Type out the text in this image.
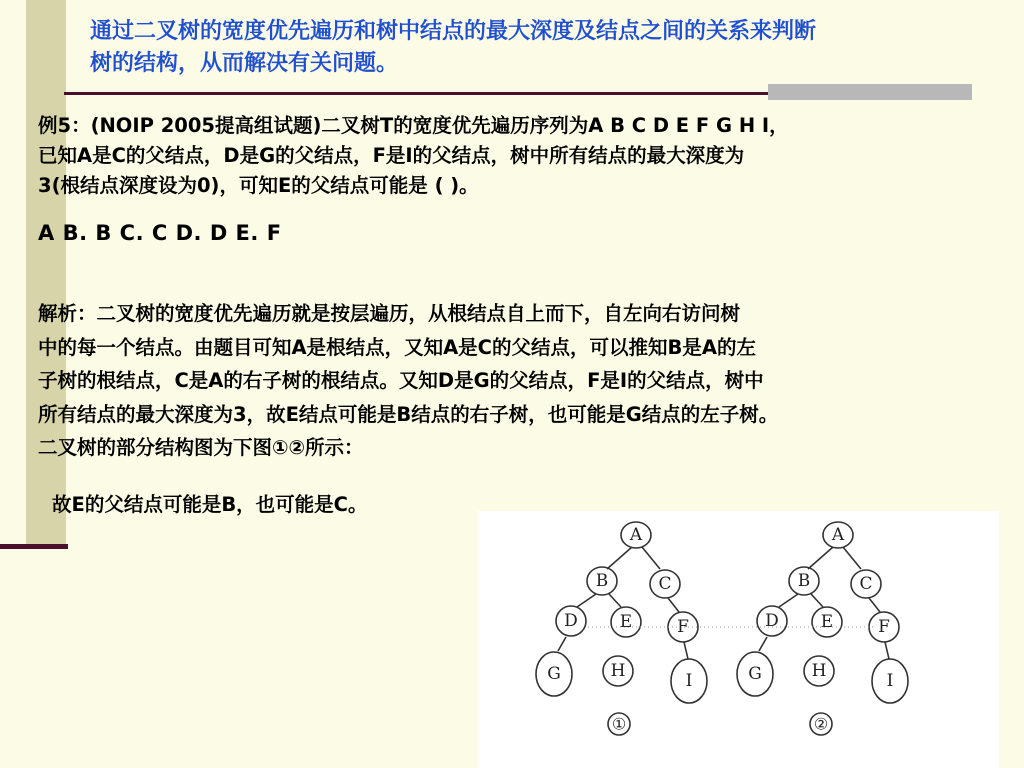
通过二叉树的宽度优先遍历和树中结点的最大深度及结点之间的关系来判断
树的结构，从而解决有关问题。
例5：(NOIP 2005提高组试题)二叉树T的宽度优先遍历序列为A B C D E F G H I，
已知A是C的父结点，D是G的父结点，F是I的父结点，树中所有结点的最大深度为
3(根结点深度设为0)，可知E的父结点可能是 ( )。
A B. B C. C D. D E. F
解析：二叉树的宽度优先遍历就是按层遍历，从根结点自上而下，自左向右访问树
中的每一个结点。由题目可知A是根结点，又知A是C的父结点，可以推知B是A的左
子树的根结点，C是A的右子树的根结点。又知D是G的父结点，F是I的父结点，树中
所有结点的最大深度为3，故E结点可能是B结点的右子树，也可能是G结点的左子树。
二叉树的部分结构图为下图①②所示：
故E的父结点可能是B，也可能是C。
A
B	C
D E	F
G	H	I
①
A
B	C
D E	F
G	H	I
②
